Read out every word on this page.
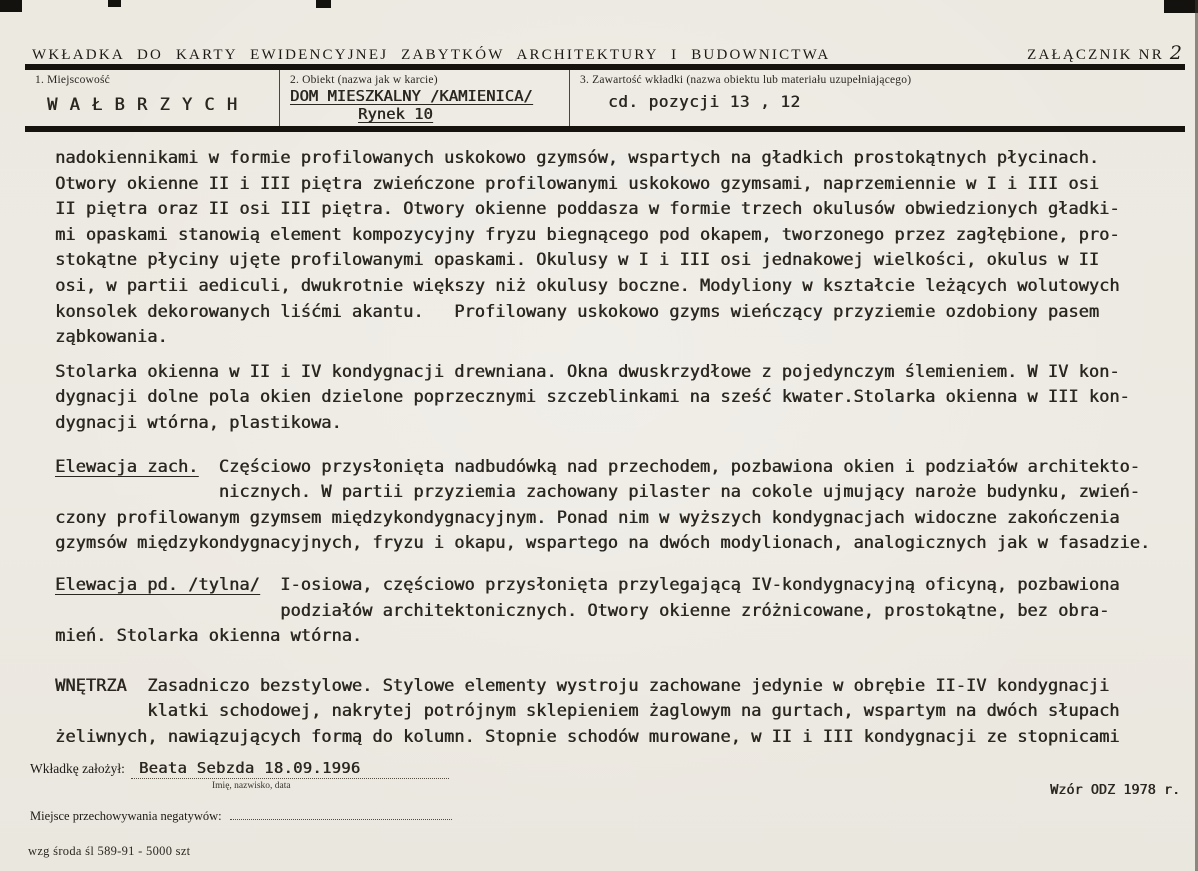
WKŁADKA DO KARTY EWIDENCYJNEJ ZABYTKÓW ARCHITEKTURY I BUDOWNICTWA	ZAŁĄCZNIK NR 2
1. Miejscowość
W A Ł B R Z Y C H
2. Obiekt (nazwa jak w karcie)
DOM MIESZKALNY /KAMIENICA/
Rynek 10
3. Zawartość wkładki (nazwa obiektu lub materiału uzupełniającego)
cd. pozycji 13 , 12
nadokiennikami w formie profilowanych uskokowo gzymsów, wspartych na gładkich prostokątnych płycinach.
Otwory okienne II i III piętra zwieńczone profilowanymi uskokowo gzymsami, naprzemiennie w I i III osi
II piętra oraz II osi III piętra. Otwory okienne poddasza w formie trzech okulusów obwiedzionych gładki-
mi opaskami stanowią element kompozycyjny fryzu biegnącego pod okapem, tworzonego przez zagłębione, pro-
stokątne płyciny ujęte profilowanymi opaskami. Okulusy w I i III osi jednakowej wielkości, okulus w II
osi, w partii aediculi, dwukrotnie większy niż okulusy boczne. Modyliony w kształcie leżących wolutowych
konsolek dekorowanych liśćmi akantu.   Profilowany uskokowo gzyms wieńczący przyziemie ozdobiony pasem
ząbkowania.
Stolarka okienna w II i IV kondygnacji drewniana. Okna dwuskrzydłowe z pojedynczym ślemieniem. W IV kon-
dygnacji dolne pola okien dzielone poprzecznymi szczeblinkami na sześć kwater.Stolarka okienna w III kon-
dygnacji wtórna, plastikowa.
Elewacja zach.  Częściowo przysłonięta nadbudówką nad przechodem, pozbawiona okien i podziałów architekto-
nicznych. W partii przyziemia zachowany pilaster na cokole ujmujący naroże budynku, zwień-
czony profilowanym gzymsem międzykondygnacyjnym. Ponad nim w wyższych kondygnacjach widoczne zakończenia
gzymsów międzykondygnacyjnych, fryzu i okapu, wspartego na dwóch modylionach, analogicznych jak w fasadzie.
Elewacja pd. /tylna/  I-osiowa, częściowo przysłonięta przylegającą IV-kondygnacyjną oficyną, pozbawiona
podziałów architektonicznych. Otwory okienne zróżnicowane, prostokątne, bez obra-
mień. Stolarka okienna wtórna.
WNĘTRZA  Zasadniczo bezstylowe. Stylowe elementy wystroju zachowane jedynie w obrębie II-IV kondygnacji
klatki schodowej, nakrytej potrójnym sklepieniem żaglowym na gurtach, wspartym na dwóch słupach
żeliwnych, nawiązujących formą do kolumn. Stopnie schodów murowane, w II i III kondygnacji ze stopnicami
Wkładkę założył: Beata Sebzda 18.09.1996
Imię, nazwisko, data	Wzór ODZ 1978 r.
Miejsce przechowywania negatywów:
wzg środa śl 589-91 - 5000 szt
